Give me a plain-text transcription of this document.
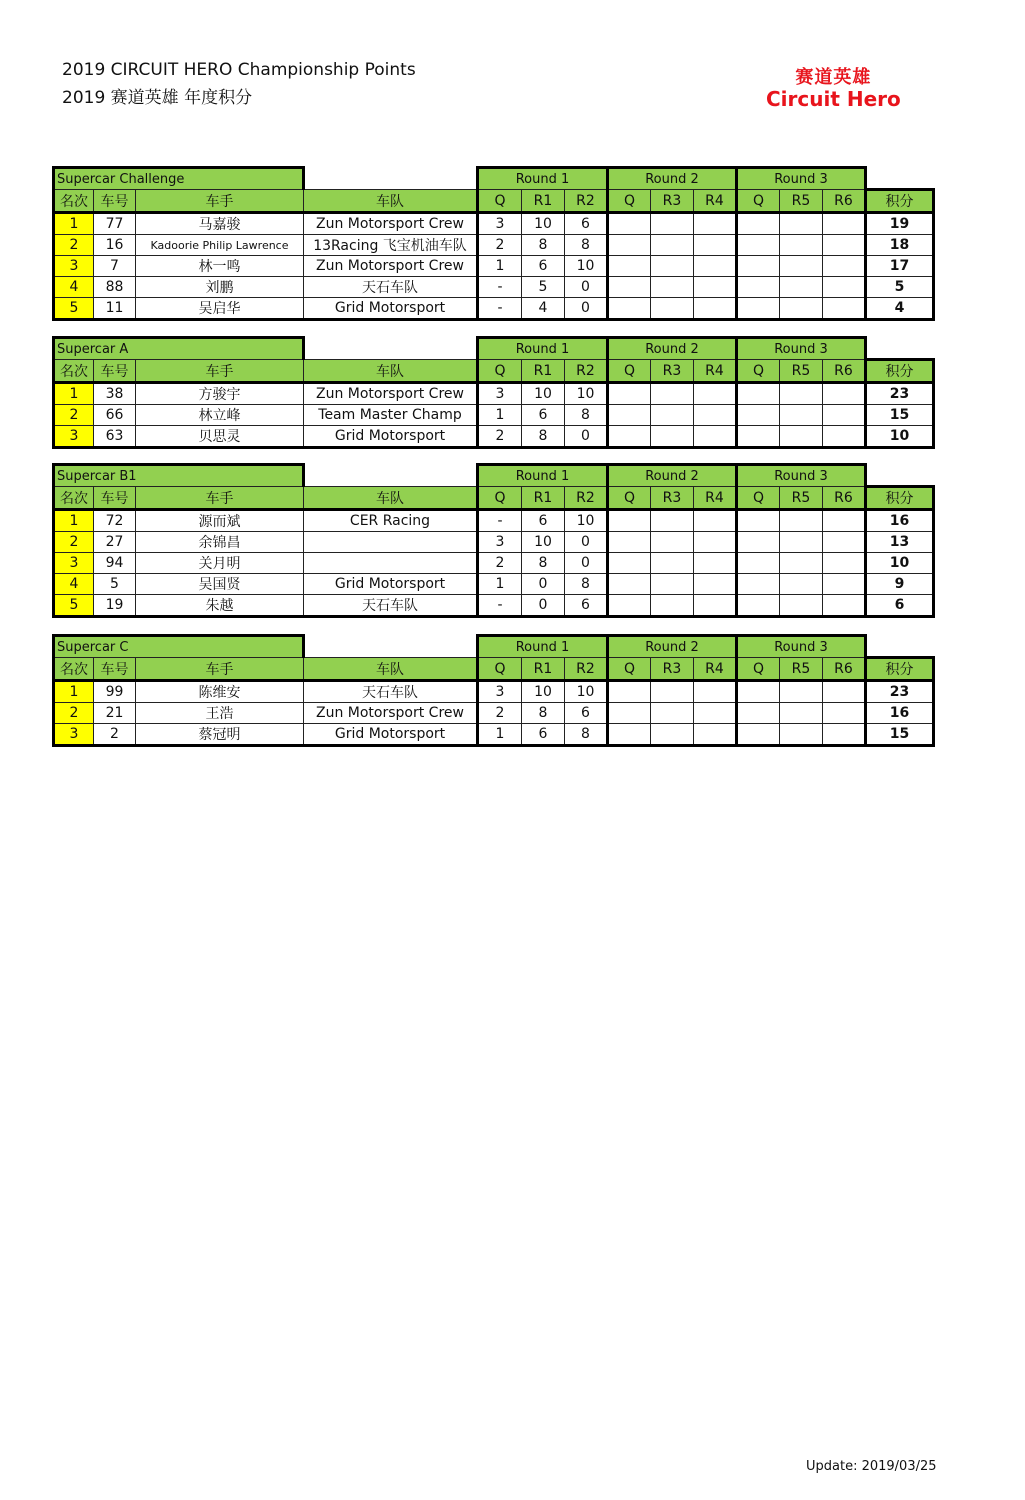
2019 CIRCUIT HERO Championship Points
2019 赛道英雄 年度积分
赛道英雄
Circuit Hero
Supercar Challenge				Round 1			Round 2			Round 3			
名次	车号	车手	车队	Q	R1	R2	Q	R3	R4	Q	R5	R6	积分
1	77	马嘉骏	Zun Motorsport Crew	3	10	6							19
2	16	Kadoorie Philip Lawrence	13Racing 飞宝机油车队	2	8	8							18
3	7	林一鸣	Zun Motorsport Crew	1	6	10							17
4	88	刘鹏	天石车队	-	5	0							5
5	11	吴启华	Grid Motorsport	-	4	0							4
Supercar A				Round 1			Round 2			Round 3			
名次	车号	车手	车队	Q	R1	R2	Q	R3	R4	Q	R5	R6	积分
1	38	方骏宇	Zun Motorsport Crew	3	10	10							23
2	66	林立峰	Team Master Champ	1	6	8							15
3	63	贝思灵	Grid Motorsport	2	8	0							10
Supercar B1				Round 1			Round 2			Round 3			
名次	车号	车手	车队	Q	R1	R2	Q	R3	R4	Q	R5	R6	积分
1	72	源而斌	CER Racing	-	6	10							16
2	27	余锦昌		3	10	0							13
3	94	关月明		2	8	0							10
4	5	吴国贤	Grid Motorsport	1	0	8							9
5	19	朱越	天石车队	-	0	6							6
Supercar C				Round 1			Round 2			Round 3			
名次	车号	车手	车队	Q	R1	R2	Q	R3	R4	Q	R5	R6	积分
1	99	陈维安	天石车队	3	10	10							23
2	21	王浩	Zun Motorsport Crew	2	8	6							16
3	2	蔡冠明	Grid Motorsport	1	6	8							15
Update: 2019/03/25
